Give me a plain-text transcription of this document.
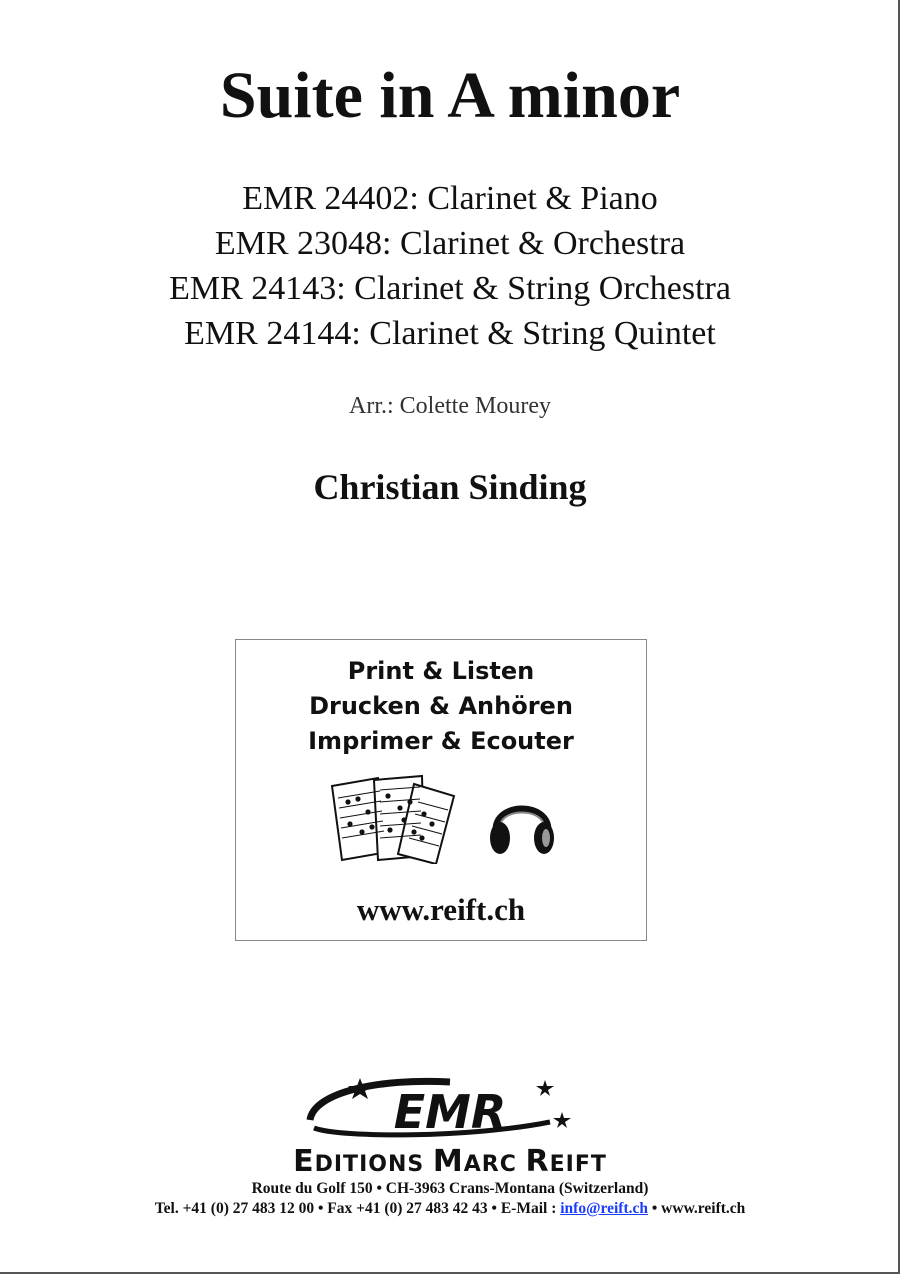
Suite in A minor
EMR 24402: Clarinet & Piano
EMR 23048: Clarinet & Orchestra
EMR 24143: Clarinet & String Orchestra
EMR 24144: Clarinet & String Quintet
Arr.: Colette Mourey
Christian Sinding
Print & Listen
Drucken & Anhören
Imprimer & Ecouter
www.reift.ch
EMR
EDITIONS MARC REIFT
Route du Golf 150 • CH-3963 Crans-Montana (Switzerland)
Tel. +41 (0) 27 483 12 00 • Fax +41 (0) 27 483 42 43 • E-Mail : info@reift.ch • www.reift.ch
